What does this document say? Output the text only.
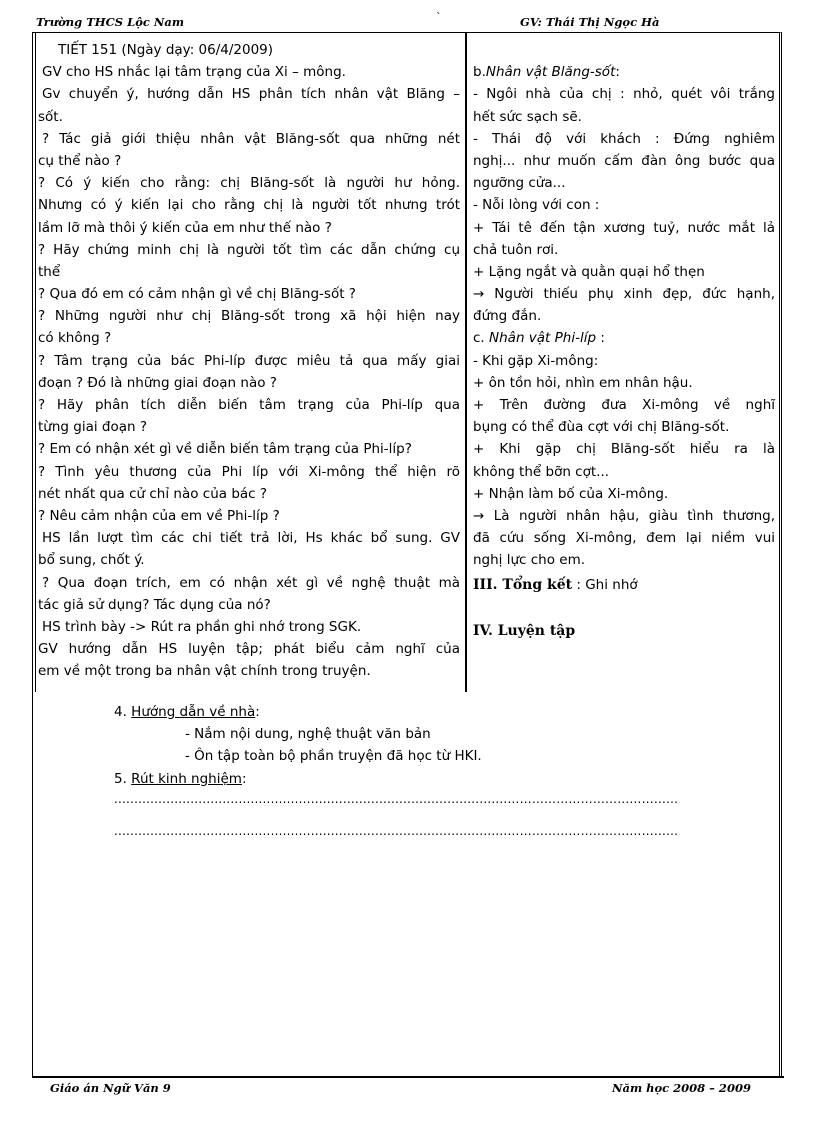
Trường THCS Lộc Nam	`	GV: Thái Thị Ngọc Hà
TIẾT 151 (Ngày dạy: 06/4/2009)
GV cho HS nhắc lại tâm trạng của Xi – mông.
Gv chuyển ý, hướng dẫn HS phân tích nhân vật Blăng –
sốt.
? Tác giả giới thiệu nhân vật Blăng-sốt qua những nét
cụ thể nào ?
? Có ý kiến cho rằng: chị Blăng-sốt là người hư hỏng.
Nhưng có ý kiến lại cho rằng chị là người tốt nhưng trót
lầm lỡ mà thôi ý kiến của em như thế nào ?
? Hãy chứng minh chị là người tốt tìm các dẫn chứng cụ
thể
? Qua đó em có cảm nhận gì về chị Blăng-sốt ?
? Những người như chị Blăng-sốt trong xã hội hiện nay
có không ?
? Tâm trạng của bác Phi-líp được miêu tả qua mấy giai
đoạn ? Đó là những giai đoạn nào ?
? Hãy phân tích diễn biến tâm trạng của Phi-líp qua
từng giai đoạn ?
? Em có nhận xét gì về diễn biến tâm trạng của Phi-líp?
? Tình yêu thương của Phi líp với Xi-mông thể hiện rõ
nét nhất qua cử chỉ nào của bác ?
? Nêu cảm nhận của em về Phi-líp ?
HS lần lượt tìm các chi tiết trả lời, Hs khác bổ sung. GV
bổ sung, chốt ý.
? Qua đoạn trích, em có nhận xét gì về nghệ thuật mà
tác giả sử dụng? Tác dụng của nó?
HS trình bày -> Rút ra phần ghi nhớ trong SGK.
GV hướng dẫn HS luyện tập; phát biểu cảm nghĩ của
em về một trong ba nhân vật chính trong truyện.
b.Nhân vật Blăng-sốt:
- Ngôi nhà của chị : nhỏ, quét vôi trắng
hết sức sạch sẽ.
- Thái độ với khách : Đứng nghiêm
nghị... như muốn cấm đàn ông bước qua
ngưỡng cửa...
- Nỗi lòng với con :
+ Tái tê đến tận xương tuỷ, nước mắt lả
chả tuôn rơi.
+ Lặng ngắt và quằn quại hổ thẹn
→ Người thiếu phụ xinh đẹp, đức hạnh,
đứng đắn.
c. Nhân vật Phi-líp :
- Khi gặp Xi-mông:
+ ôn tồn hỏi, nhìn em nhân hậu.
+ Trên đường đưa Xi-mông về nghĩ
bụng có thể đùa cợt với chị Blăng-sốt.
+ Khi gặp chị Blăng-sốt hiểu ra là
không thể bỡn cợt...
+ Nhận làm bố của Xi-mông.
→ Là người nhân hậu, giàu tình thương,
đã cứu sống Xi-mông, đem lại niềm vui
nghị lực cho em.
III. Tổng kết : Ghi nhớ
IV. Luyện tập
4. Hướng dẫn về nhà:
- Nắm nội dung, nghệ thuật văn bản
- Ôn tập toàn bộ phần truyện đã học từ HKI.
5. Rút kinh nghiệm:
..................................................................................................……………………………………
..................................................................................................……………………………………
Giáo án Ngữ Văn 9	Năm học 2008 – 2009
